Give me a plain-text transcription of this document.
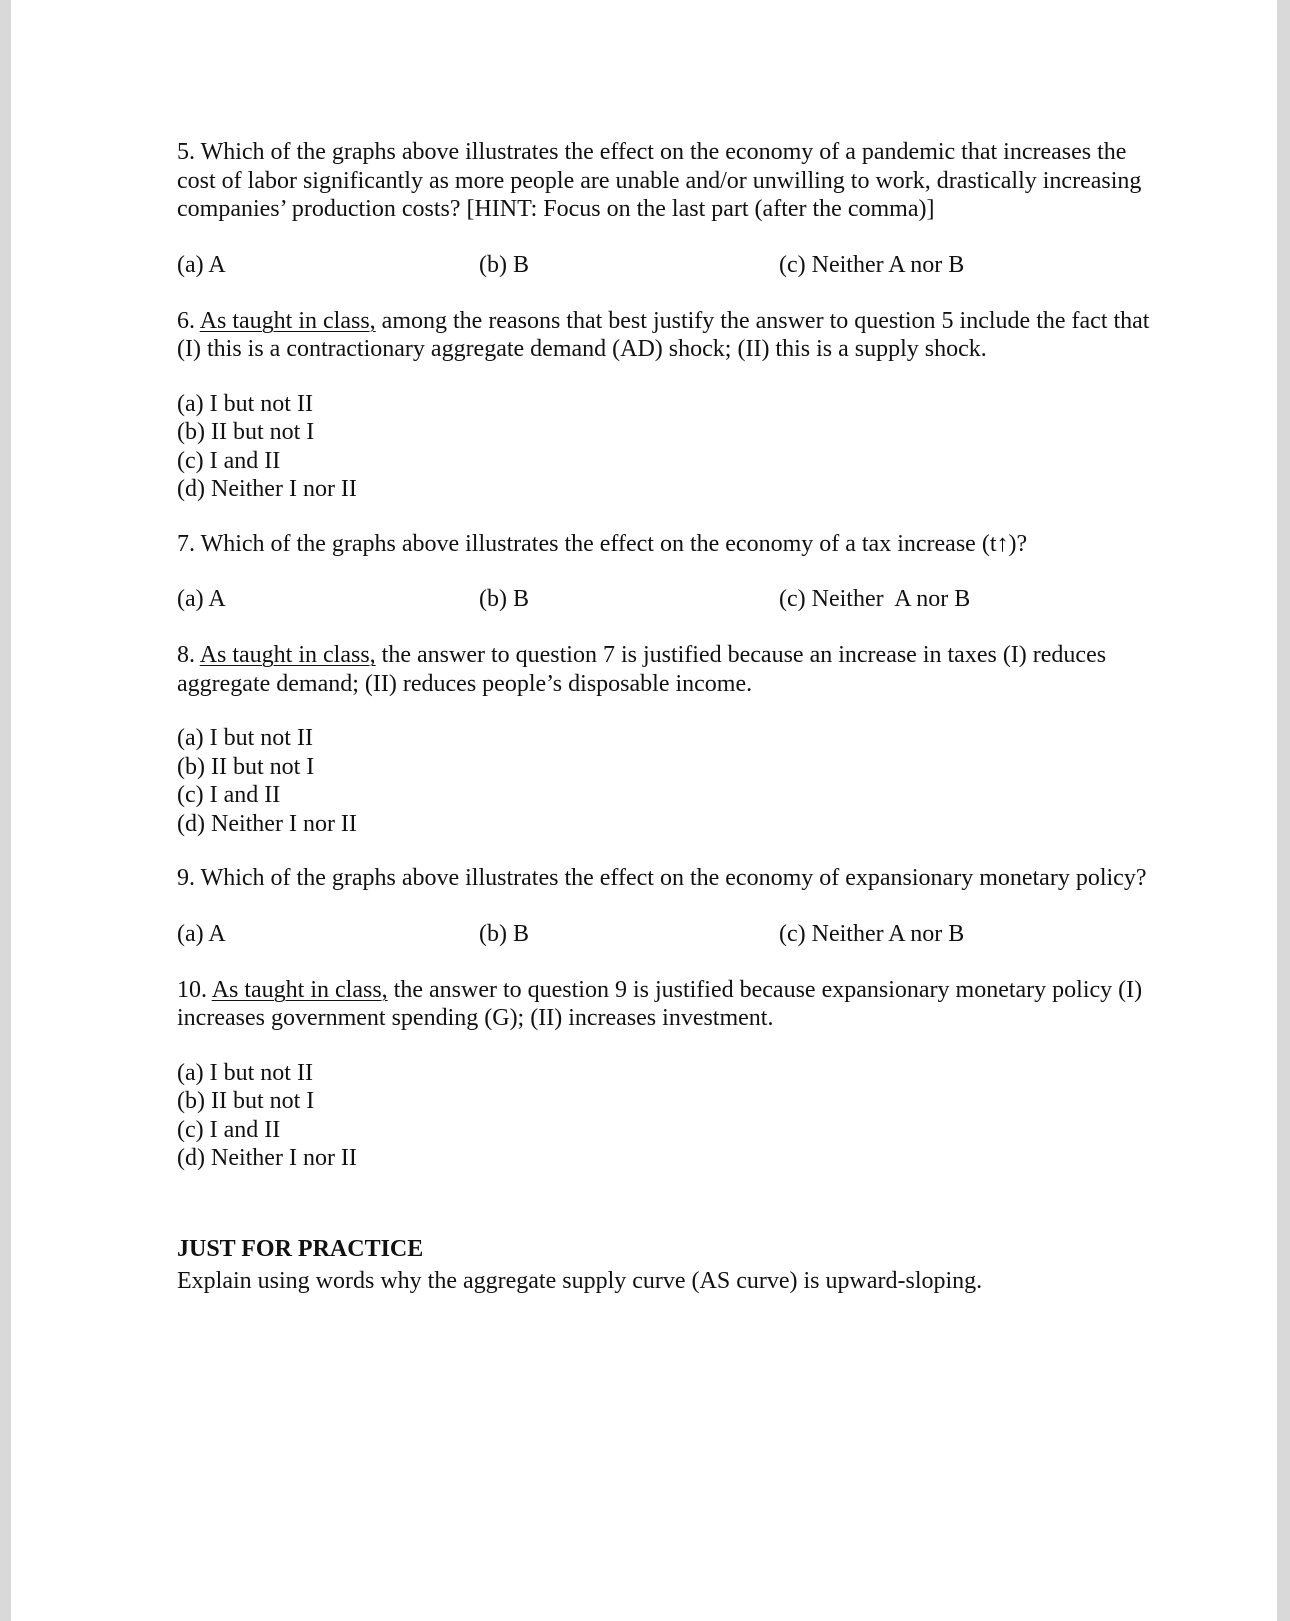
5. Which of the graphs above illustrates the effect on the economy of a pandemic that increases the cost of labor significantly as more people are unable and/or unwilling to work, drastically increasing companies’ production costs? [HINT: Focus on the last part (after the comma)]

(a) A	(b) B	(c) Neither A nor B

6. As taught in class, among the reasons that best justify the answer to question 5 include the fact that (I) this is a contractionary aggregate demand (AD) shock; (II) this is a supply shock.

(a) I but not II
(b) II but not I
(c) I and II
(d) Neither I nor II

7. Which of the graphs above illustrates the effect on the economy of a tax increase (t↑)?

(a) A	(b) B	(c) Neither  A nor B

8. As taught in class, the answer to question 7 is justified because an increase in taxes (I) reduces aggregate demand; (II) reduces people’s disposable income.

(a) I but not II
(b) II but not I
(c) I and II
(d) Neither I nor II

9. Which of the graphs above illustrates the effect on the economy of expansionary monetary policy?

(a) A	(b) B	(c) Neither A nor B

10. As taught in class, the answer to question 9 is justified because expansionary monetary policy (I) increases government spending (G); (II) increases investment.

(a) I but not II
(b) II but not I
(c) I and II
(d) Neither I nor II

JUST FOR PRACTICE

Explain using words why the aggregate supply curve (AS curve) is upward-sloping.
